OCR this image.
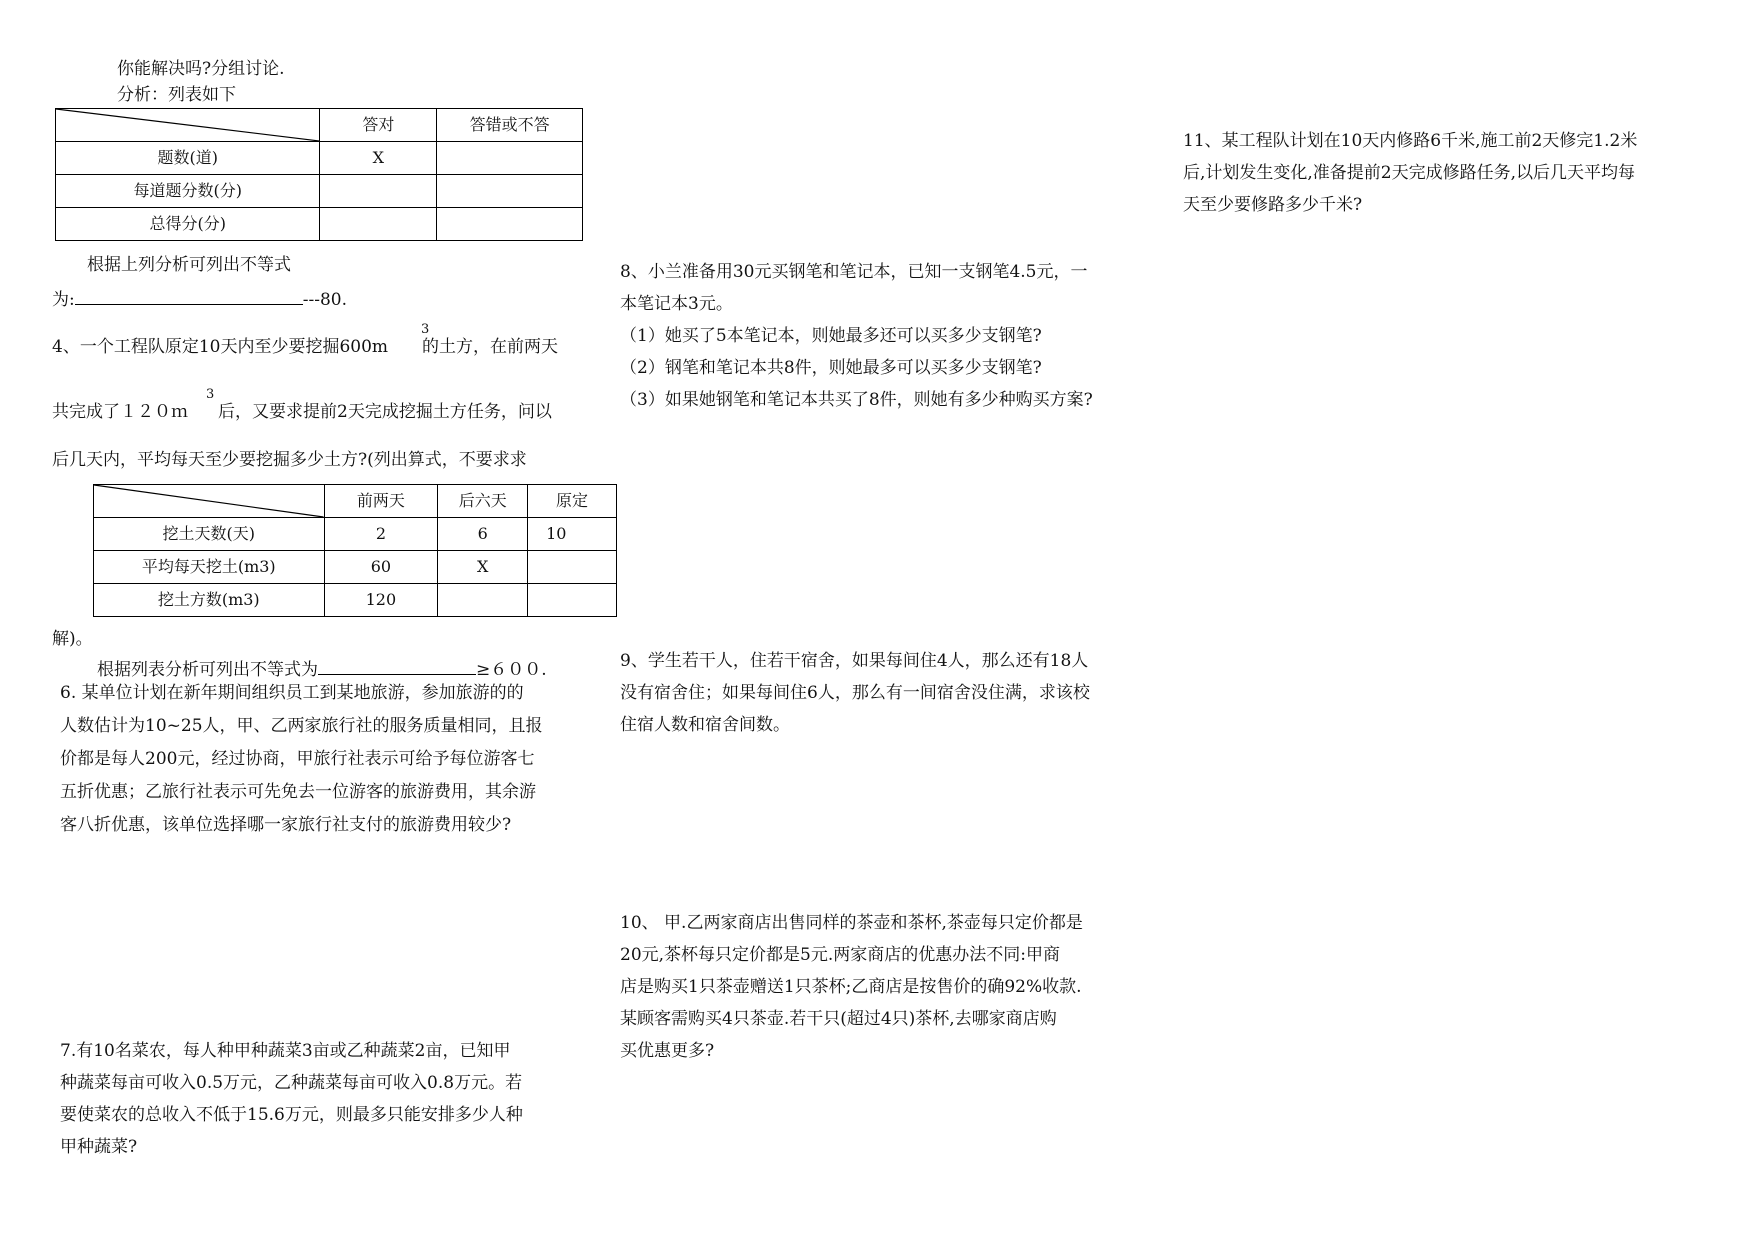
你能解决吗?分组讨论.
分析：列表如下
	答对	答错或不答
题数(道)	X	
每道题分数(分)		
总得分(分)		
根据上列分析可列出不等式
为:	---80.
4、一个工程队原定10天内至少要挖掘600m 的土方，在前两天
3
共完成了１２０ｍ 后，又要求提前2天完成挖掘土方任务，问以
3
后几天内，平均每天至少要挖掘多少土方?(列出算式，不要求求
	前两天	后六天	原定
挖土天数(天)	2	6	10
平均每天挖土(m3)	60	X	
挖土方数(m3)	120		
解)。
根据列表分析可列出不等式为	≥６００.
6. 某单位计划在新年期间组织员工到某地旅游，参加旅游的的
人数估计为10~25人，甲、乙两家旅行社的服务质量相同，且报
价都是每人200元，经过协商，甲旅行社表示可给予每位游客七
五折优惠；乙旅行社表示可先免去一位游客的旅游费用，其余游
客八折优惠，该单位选择哪一家旅行社支付的旅游费用较少?
7.有10名菜农，每人种甲种蔬菜3亩或乙种蔬菜2亩，已知甲
种蔬菜每亩可收入0.5万元，乙种蔬菜每亩可收入0.8万元。若
要使菜农的总收入不低于15.6万元，则最多只能安排多少人种
甲种蔬菜?
8、小兰准备用30元买钢笔和笔记本，已知一支钢笔4.5元，一
本笔记本3元。
（1）她买了5本笔记本，则她最多还可以买多少支钢笔?
（2）钢笔和笔记本共8件，则她最多可以买多少支钢笔?
（3）如果她钢笔和笔记本共买了8件，则她有多少种购买方案?
9、学生若干人，住若干宿舍，如果每间住4人，那么还有18人
没有宿舍住；如果每间住6人，那么有一间宿舍没住满，求该校
住宿人数和宿舍间数。
10、 甲.乙两家商店出售同样的茶壶和茶杯,茶壶每只定价都是
20元,茶杯每只定价都是5元.两家商店的优惠办法不同:甲商
店是购买1只茶壶赠送1只茶杯;乙商店是按售价的确92%收款.
某顾客需购买4只茶壶.若干只(超过4只)茶杯,去哪家商店购
买优惠更多?
11、某工程队计划在10天内修路6千米,施工前2天修完1.2米
后,计划发生变化,准备提前2天完成修路任务,以后几天平均每
天至少要修路多少千米?
